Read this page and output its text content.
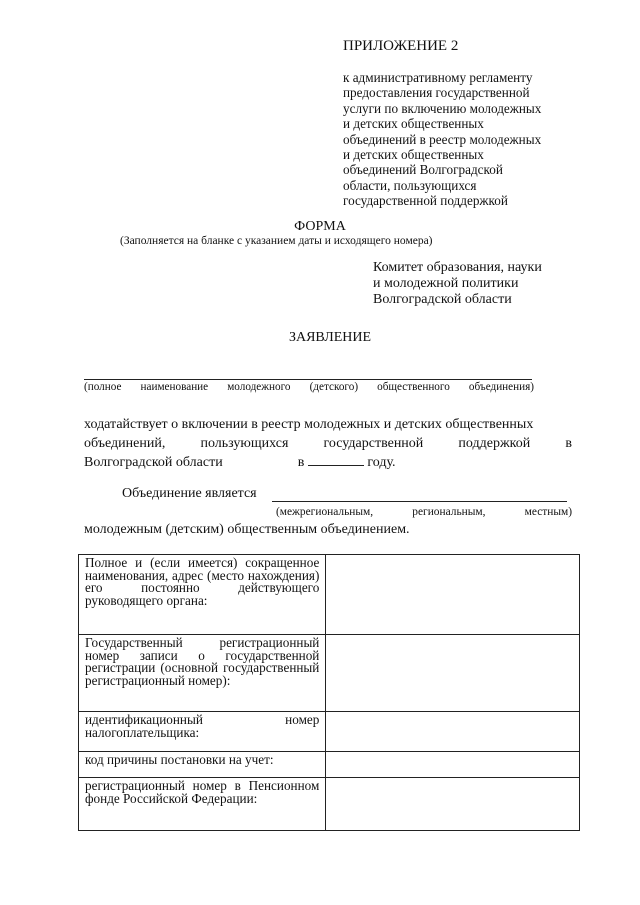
ПРИЛОЖЕНИЕ 2
к административному регламенту
предоставления государственной
услуги по включению молодежных
и детских общественных
объединений в реестр молодежных
и детских общественных
объединений Волгоградской
области, пользующихся
государственной поддержкой
ФОРМА
(Заполняется на бланке с указанием даты и исходящего номера)
Комитет образования, науки
и молодежной политики
Волгоградской области
ЗАЯВЛЕНИЕ
(полное наименование молодежного (детского) общественного объединения)
ходатайствует о включении в реестр молодежных и детских общественных
объединений, пользующихся государственной поддержкой в
Волгоградской области	в	году.
Объединение является
(межрегиональным, региональным, местным)
молодежным (детским) общественным объединением.
Полное и (если имеется) сокращенное наименования, адрес (место нахождения) его постоянно действующего руководящего органа:	
Государственный регистрационный номер записи о государственной регистрации (основной государственный регистрационный номер):	
идентификационный номер налогоплательщика:	
код причины постановки на учет:	
регистрационный номер в Пенсионном фонде Российской Федерации:	
